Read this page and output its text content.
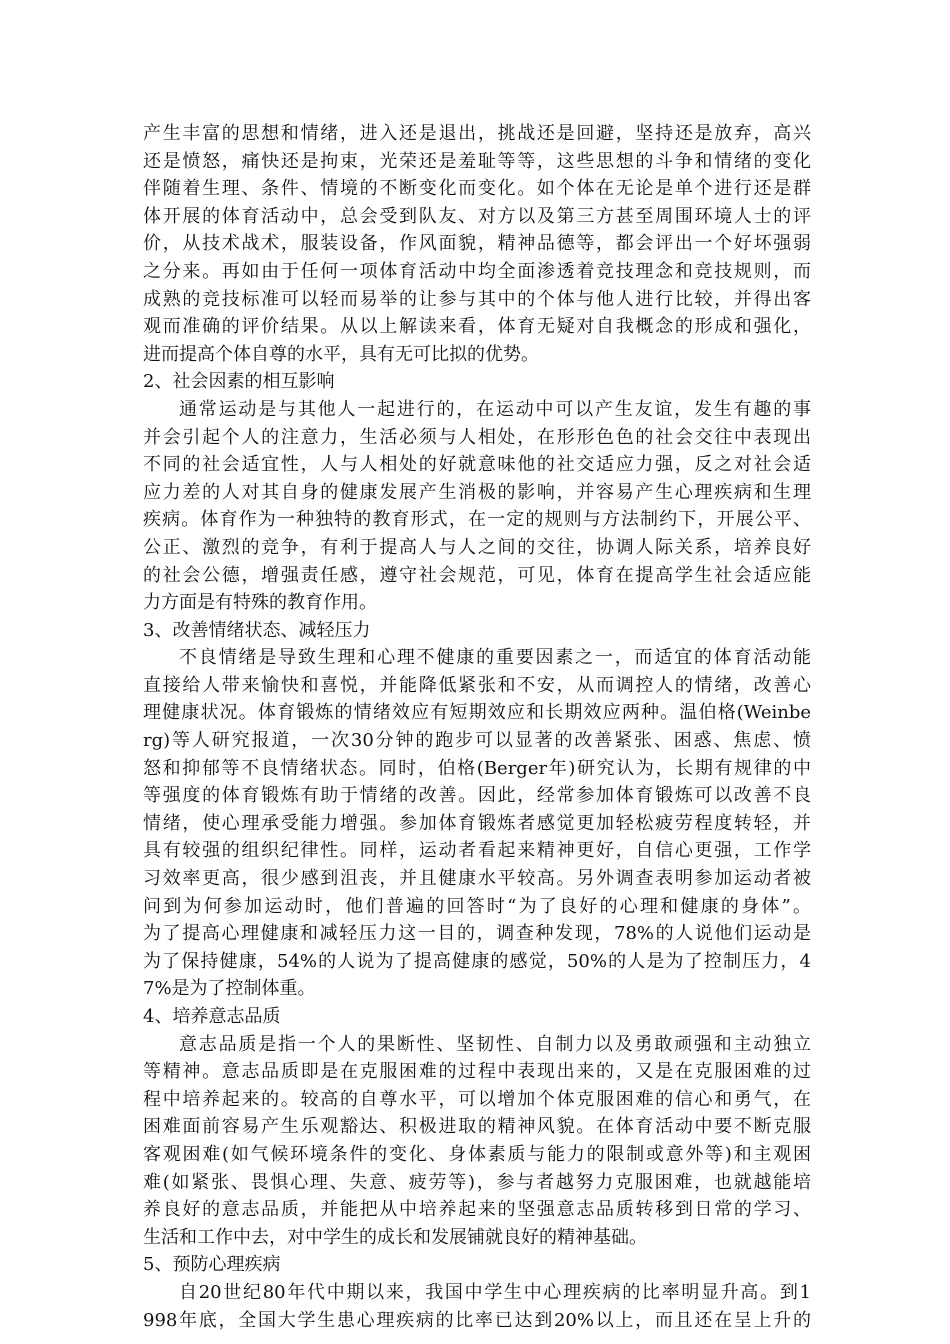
产生丰富的思想和情绪，进入还是退出，挑战还是回避，坚持还是放弃，高兴
还是愤怒，痛快还是拘束，光荣还是羞耻等等，这些思想的斗争和情绪的变化
伴随着生理、条件、情境的不断变化而变化。如个体在无论是单个进行还是群
体开展的体育活动中，总会受到队友、对方以及第三方甚至周围环境人士的评
价，从技术战术，服装设备，作风面貌，精神品德等，都会评出一个好坏强弱
之分来。再如由于任何一项体育活动中均全面渗透着竞技理念和竞技规则，而
成熟的竞技标准可以轻而易举的让参与其中的个体与他人进行比较，并得出客
观而准确的评价结果。从以上解读来看，体育无疑对自我概念的形成和强化，
进而提高个体自尊的水平，具有无可比拟的优势。
2、社会因素的相互影响
通常运动是与其他人一起进行的，在运动中可以产生友谊，发生有趣的事
并会引起个人的注意力，生活必须与人相处，在形形色色的社会交往中表现出
不同的社会适宜性，人与人相处的好就意味他的社交适应力强，反之对社会适
应力差的人对其自身的健康发展产生消极的影响，并容易产生心理疾病和生理
疾病。体育作为一种独特的教育形式，在一定的规则与方法制约下，开展公平、
公正、激烈的竞争，有利于提高人与人之间的交往，协调人际关系，培养良好
的社会公德，增强责任感，遵守社会规范，可见，体育在提高学生社会适应能
力方面是有特殊的教育作用。
3、改善情绪状态、减轻压力
不良情绪是导致生理和心理不健康的重要因素之一，而适宜的体育活动能
直接给人带来愉快和喜悦，并能降低紧张和不安，从而调控人的情绪，改善心
理健康状况。体育锻炼的情绪效应有短期效应和长期效应两种。温伯格(Weinbe
rg)等人研究报道，一次30分钟的跑步可以显著的改善紧张、困惑、焦虑、愤
怒和抑郁等不良情绪状态。同时，伯格(Berger年)研究认为，长期有规律的中
等强度的体育锻炼有助于情绪的改善。因此，经常参加体育锻炼可以改善不良
情绪，使心理承受能力增强。参加体育锻炼者感觉更加轻松疲劳程度转轻，并
具有较强的组织纪律性。同样，运动者看起来精神更好，自信心更强，工作学
习效率更高，很少感到沮丧，并且健康水平较高。另外调查表明参加运动者被
问到为何参加运动时，他们普遍的回答时“为了良好的心理和健康的身体”。
为了提高心理健康和减轻压力这一目的，调查种发现，78%的人说他们运动是
为了保持健康，54%的人说为了提高健康的感觉，50%的人是为了控制压力，4
7%是为了控制体重。
4、培养意志品质
意志品质是指一个人的果断性、坚韧性、自制力以及勇敢顽强和主动独立
等精神。意志品质即是在克服困难的过程中表现出来的，又是在克服困难的过
程中培养起来的。较高的自尊水平，可以增加个体克服困难的信心和勇气，在
困难面前容易产生乐观豁达、积极进取的精神风貌。在体育活动中要不断克服
客观困难(如气候环境条件的变化、身体素质与能力的限制或意外等)和主观困
难(如紧张、畏惧心理、失意、疲劳等)，参与者越努力克服困难，也就越能培
养良好的意志品质，并能把从中培养起来的坚强意志品质转移到日常的学习、
生活和工作中去，对中学生的成长和发展铺就良好的精神基础。
5、预防心理疾病
自20世纪80年代中期以来，我国中学生中心理疾病的比率明显升高。到1
998年底，全国大学生患心理疾病的比率已达到20%以上，而且还在呈上升的
